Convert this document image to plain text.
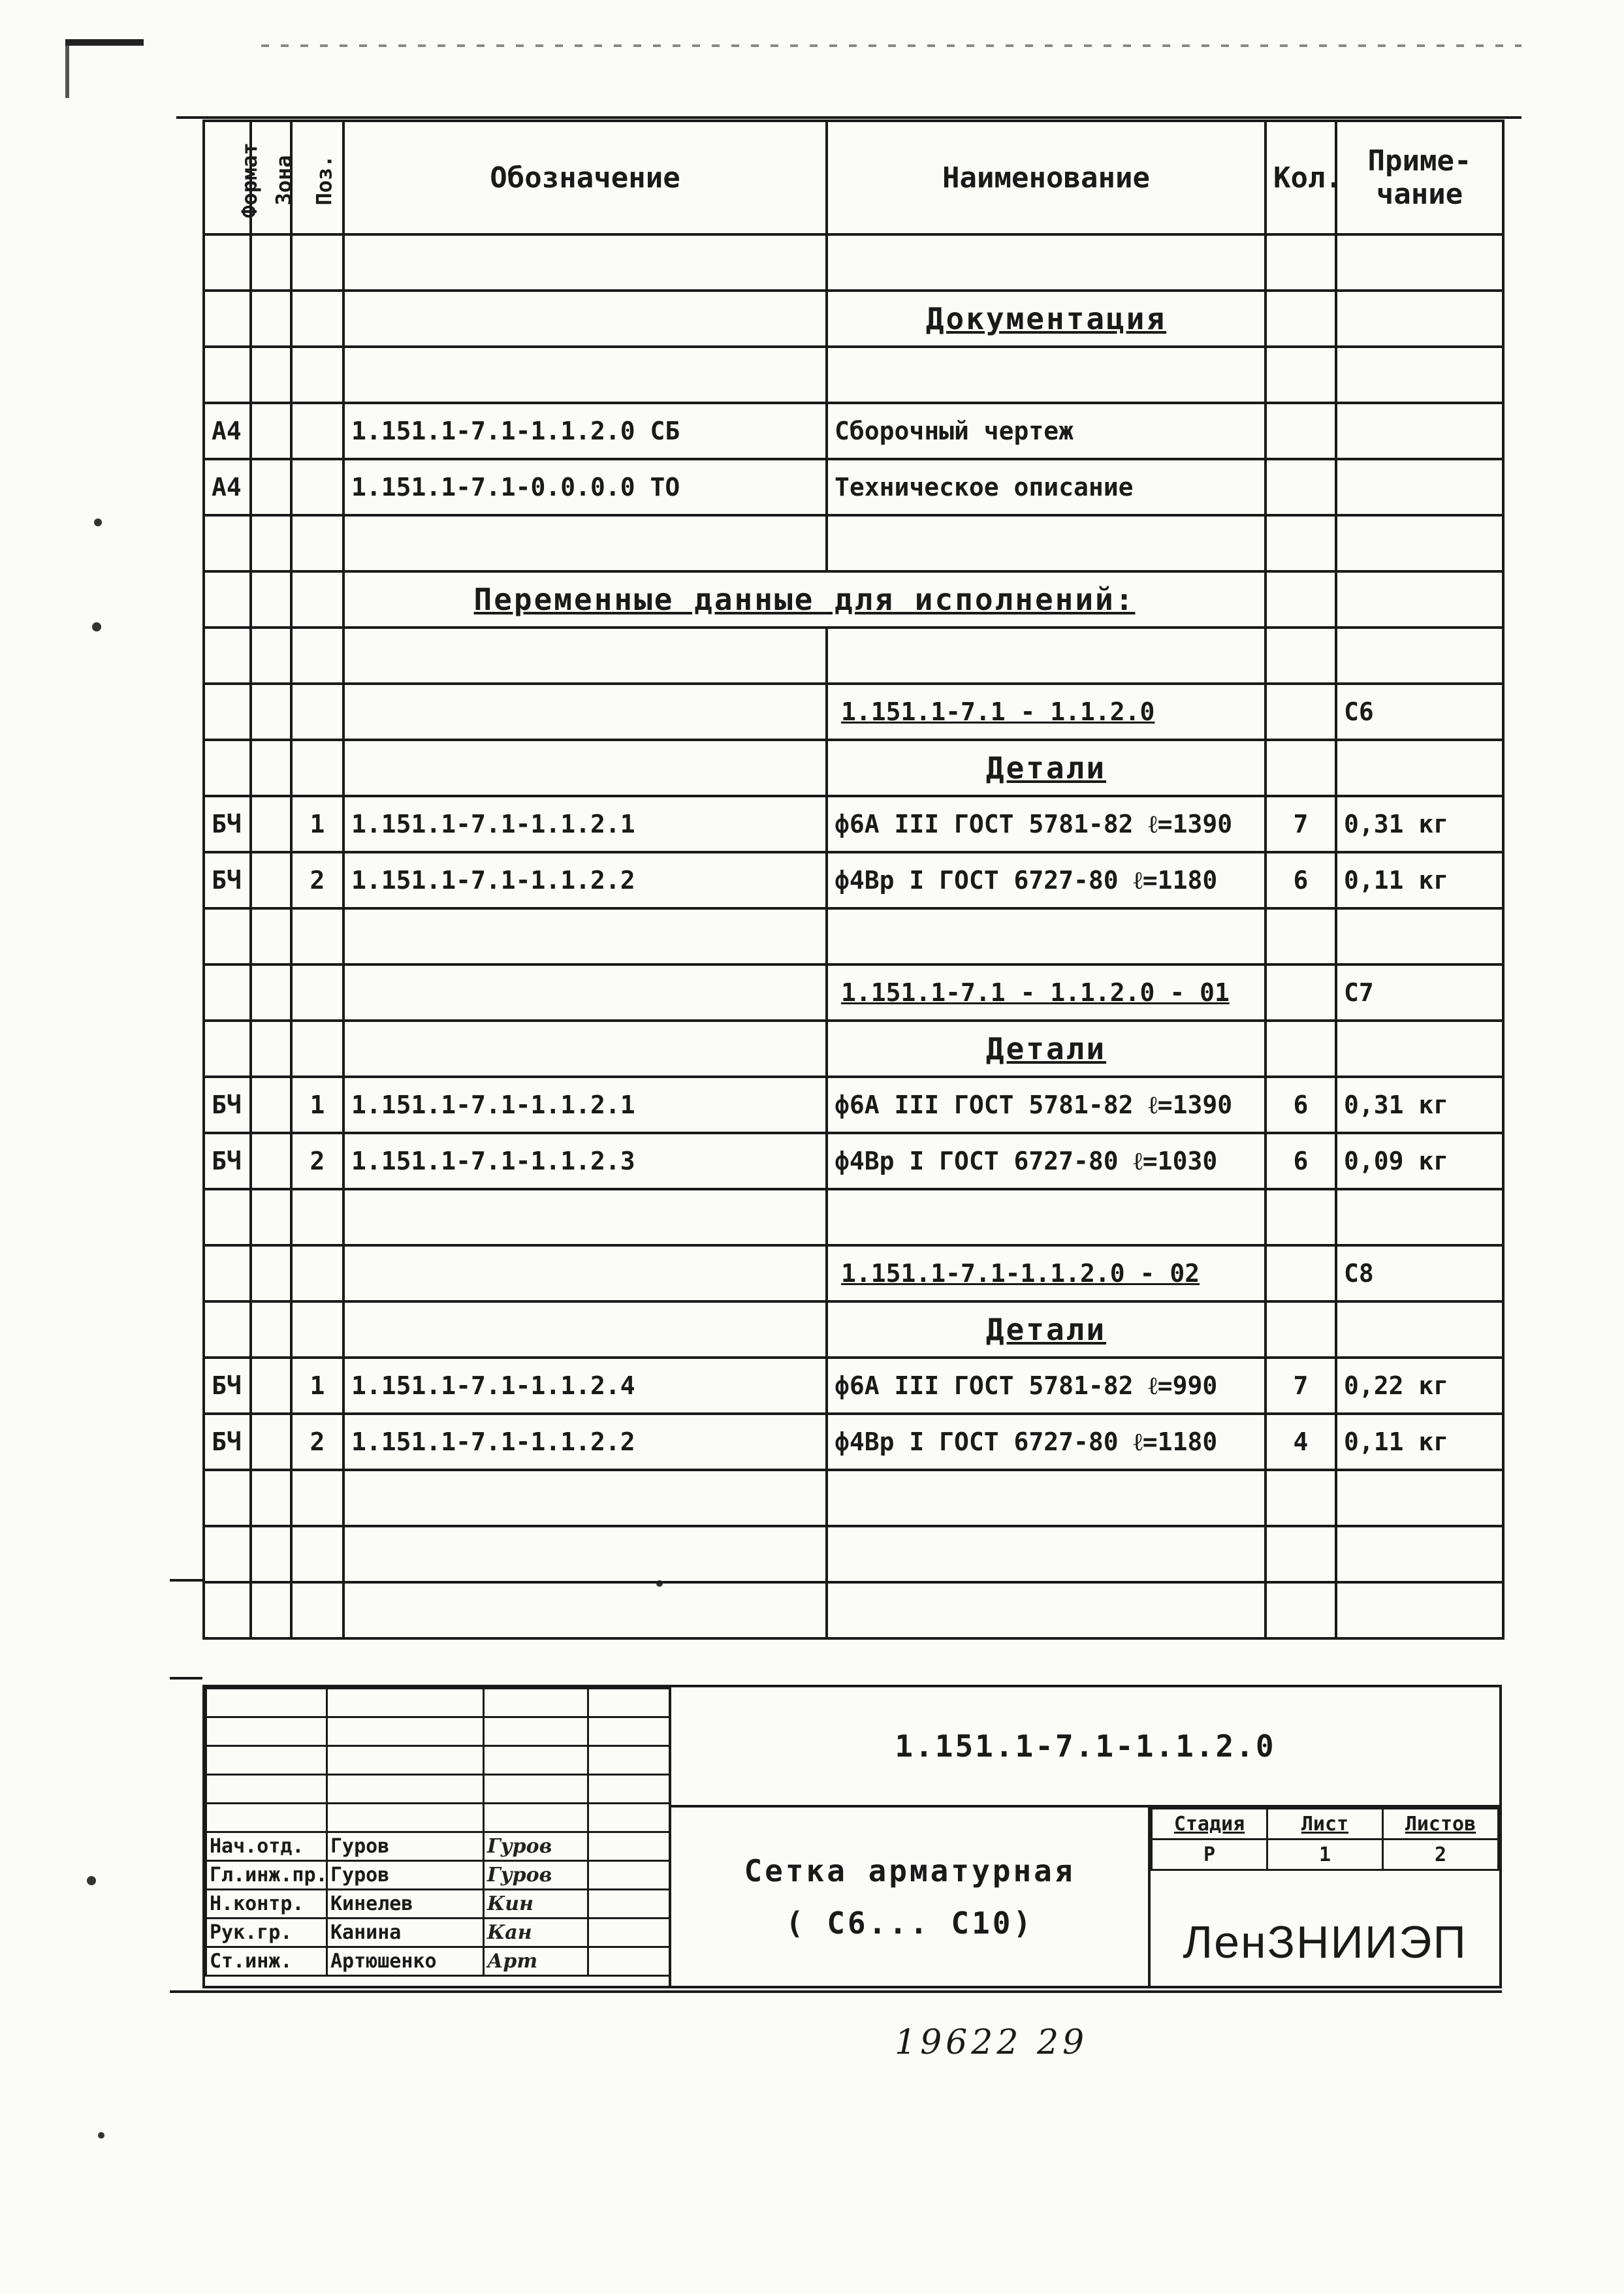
Формат	Зона	Поз.	Обозначение	Наименование	Кол.	Приме-
чание

				Документация		

А4			1.151.1-7.1-1.1.2.0 СБ	Сборочный чертеж		
А4			1.151.1-7.1-0.0.0.0 ТО	Техническое описание		

			Переменные данные для исполнений:			

				1.151.1-7.1 - 1.1.2.0		С6
				Детали		
БЧ		1	1.151.1-7.1-1.1.2.1	ф6А III ГОСТ 5781-82 ℓ=1390	7	0,31 кг
БЧ		2	1.151.1-7.1-1.1.2.2	ф4Вр I ГОСТ 6727-80 ℓ=1180	6	0,11 кг

				1.151.1-7.1 - 1.1.2.0 - 01		С7
				Детали		
БЧ		1	1.151.1-7.1-1.1.2.1	ф6А III ГОСТ 5781-82 ℓ=1390	6	0,31 кг
БЧ		2	1.151.1-7.1-1.1.2.3	ф4Вр I ГОСТ 6727-80 ℓ=1030	6	0,09 кг

				1.151.1-7.1-1.1.2.0 - 02		С8
				Детали		
БЧ		1	1.151.1-7.1-1.1.2.4	ф6А III ГОСТ 5781-82 ℓ=990	7	0,22 кг
БЧ		2	1.151.1-7.1-1.1.2.2	ф4Вр I ГОСТ 6727-80 ℓ=1180	4	0,11 кг

Нач.отд.	Гуров	Гуров	
Гл.инж.пр.	Гуров	Гуров	
Н.контр.	Кинелев	Кин	
Рук.гр.	Канина	Кан	
Ст.инж.	Артюшенко	Арт	
1.151.1-7.1-1.1.2.0
Сетка арматурная
( С6... С10)
Стадия	Лист	Листов
Р	1	2
ЛенЗНИИЭП
19622 29
